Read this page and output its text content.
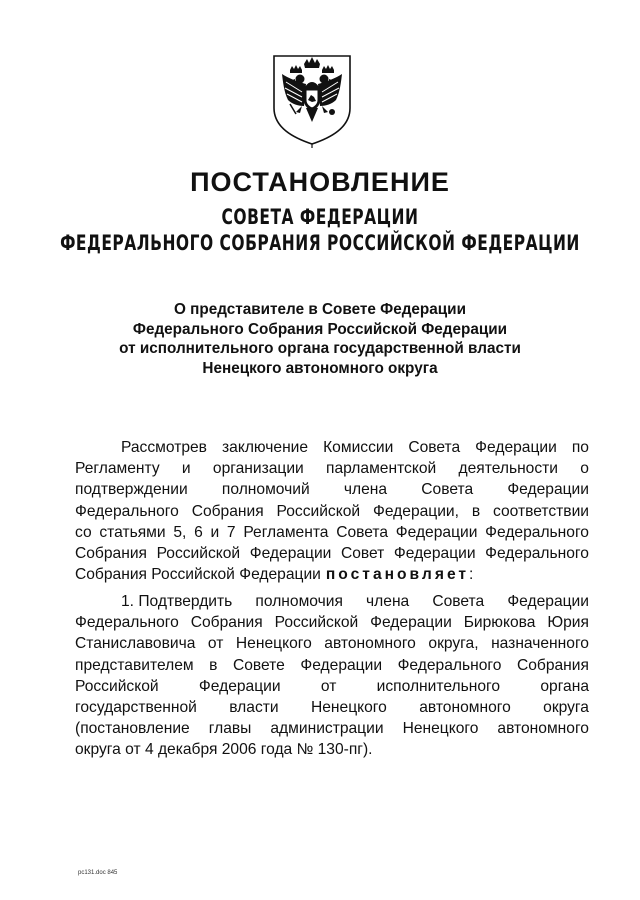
ПОСТАНОВЛЕНИЕ
СОВЕТА ФЕДЕРАЦИИ
ФЕДЕРАЛЬНОГО СОБРАНИЯ РОССИЙСКОЙ ФЕДЕРАЦИИ
О представителе в Совете Федерации
Федерального Собрания Российской Федерации
от исполнительного органа государственной власти
Ненецкого автономного округа
Рассмотрев заключение Комиссии Совета Федерации по
Регламенту и организации парламентской деятельности о
подтверждении полномочий члена Совета Федерации
Федерального Собрания Российской Федерации, в соответствии
со статьями 5, 6 и 7 Регламента Совета Федерации Федерального
Собрания Российской Федерации Совет Федерации Федерального
Собрания Российской Федерации постановляет :
1. Подтвердить полномочия члена Совета Федерации
Федерального Собрания Российской Федерации Бирюкова Юрия
Станиславовича от Ненецкого автономного округа, назначенного
представителем в Совете Федерации Федерального Собрания
Российской	Федерации	от	исполнительного	органа
государственной власти Ненецкого автономного округа
(постановление главы администрации Ненецкого автономного
округа от 4 декабря 2006 года № 130-пг).
pc131.doc 845
